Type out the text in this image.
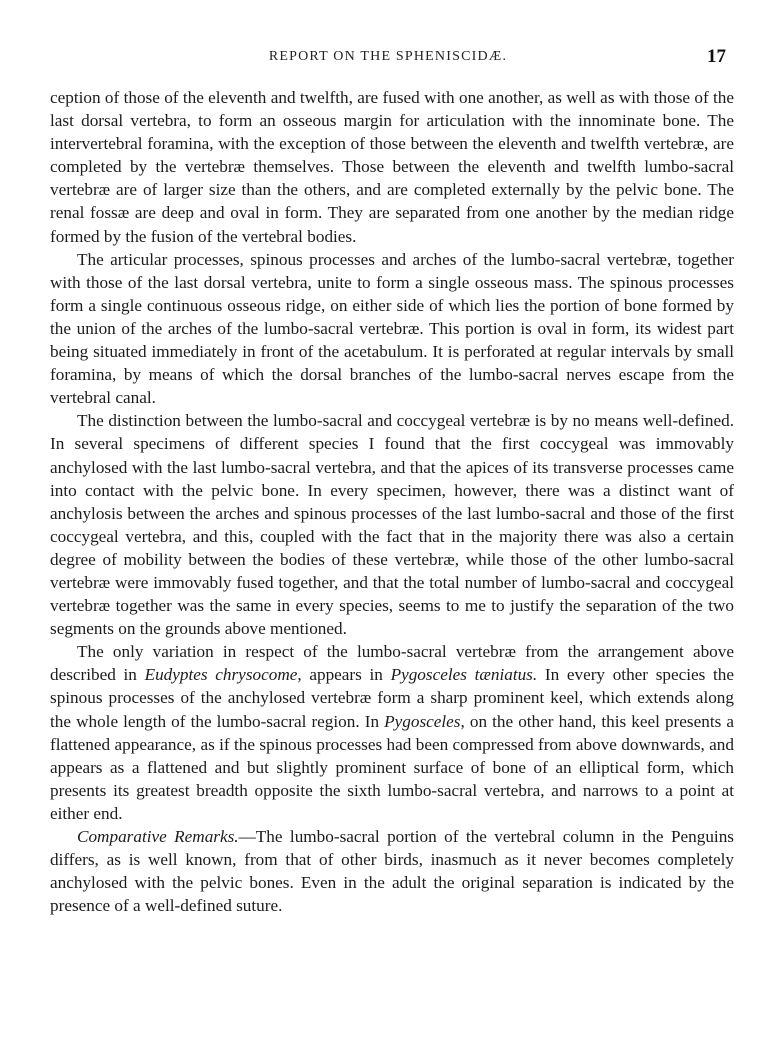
REPORT ON THE SPHENISCIDÆ.	17

ception of those of the eleventh and twelfth, are fused with one another, as well as with those of the last dorsal vertebra, to form an osseous margin for articulation with the innominate bone. The intervertebral foramina, with the exception of those between the eleventh and twelfth vertebræ, are completed by the vertebræ themselves. Those between the eleventh and twelfth lumbo-sacral vertebræ are of larger size than the others, and are completed externally by the pelvic bone. The renal fossæ are deep and oval in form. They are separated from one another by the median ridge formed by the fusion of the vertebral bodies.

The articular processes, spinous processes and arches of the lumbo-sacral vertebræ, together with those of the last dorsal vertebra, unite to form a single osseous mass. The spinous processes form a single continuous osseous ridge, on either side of which lies the portion of bone formed by the union of the arches of the lumbo-sacral vertebræ. This portion is oval in form, its widest part being situated immediately in front of the acetabulum. It is perforated at regular intervals by small foramina, by means of which the dorsal branches of the lumbo-sacral nerves escape from the vertebral canal.

The distinction between the lumbo-sacral and coccygeal vertebræ is by no means well-defined. In several specimens of different species I found that the first coccygeal was immovably anchylosed with the last lumbo-sacral vertebra, and that the apices of its transverse processes came into contact with the pelvic bone. In every specimen, however, there was a distinct want of anchylosis between the arches and spinous processes of the last lumbo-sacral and those of the first coccygeal vertebra, and this, coupled with the fact that in the majority there was also a certain degree of mobility between the bodies of these vertebræ, while those of the other lumbo-sacral vertebræ were immovably fused together, and that the total number of lumbo-sacral and coccygeal vertebræ together was the same in every species, seems to me to justify the separation of the two segments on the grounds above mentioned.

The only variation in respect of the lumbo-sacral vertebræ from the arrangement above described in Eudyptes chrysocome, appears in Pygosceles tæniatus. In every other species the spinous processes of the anchylosed vertebræ form a sharp prominent keel, which extends along the whole length of the lumbo-sacral region. In Pygosceles, on the other hand, this keel presents a flattened appearance, as if the spinous processes had been compressed from above downwards, and appears as a flattened and but slightly prominent surface of bone of an elliptical form, which presents its greatest breadth opposite the sixth lumbo-sacral vertebra, and narrows to a point at either end.

Comparative Remarks.—The lumbo-sacral portion of the vertebral column in the Penguins differs, as is well known, from that of other birds, inasmuch as it never becomes completely anchylosed with the pelvic bones. Even in the adult the original separation is indicated by the presence of a well-defined suture.
